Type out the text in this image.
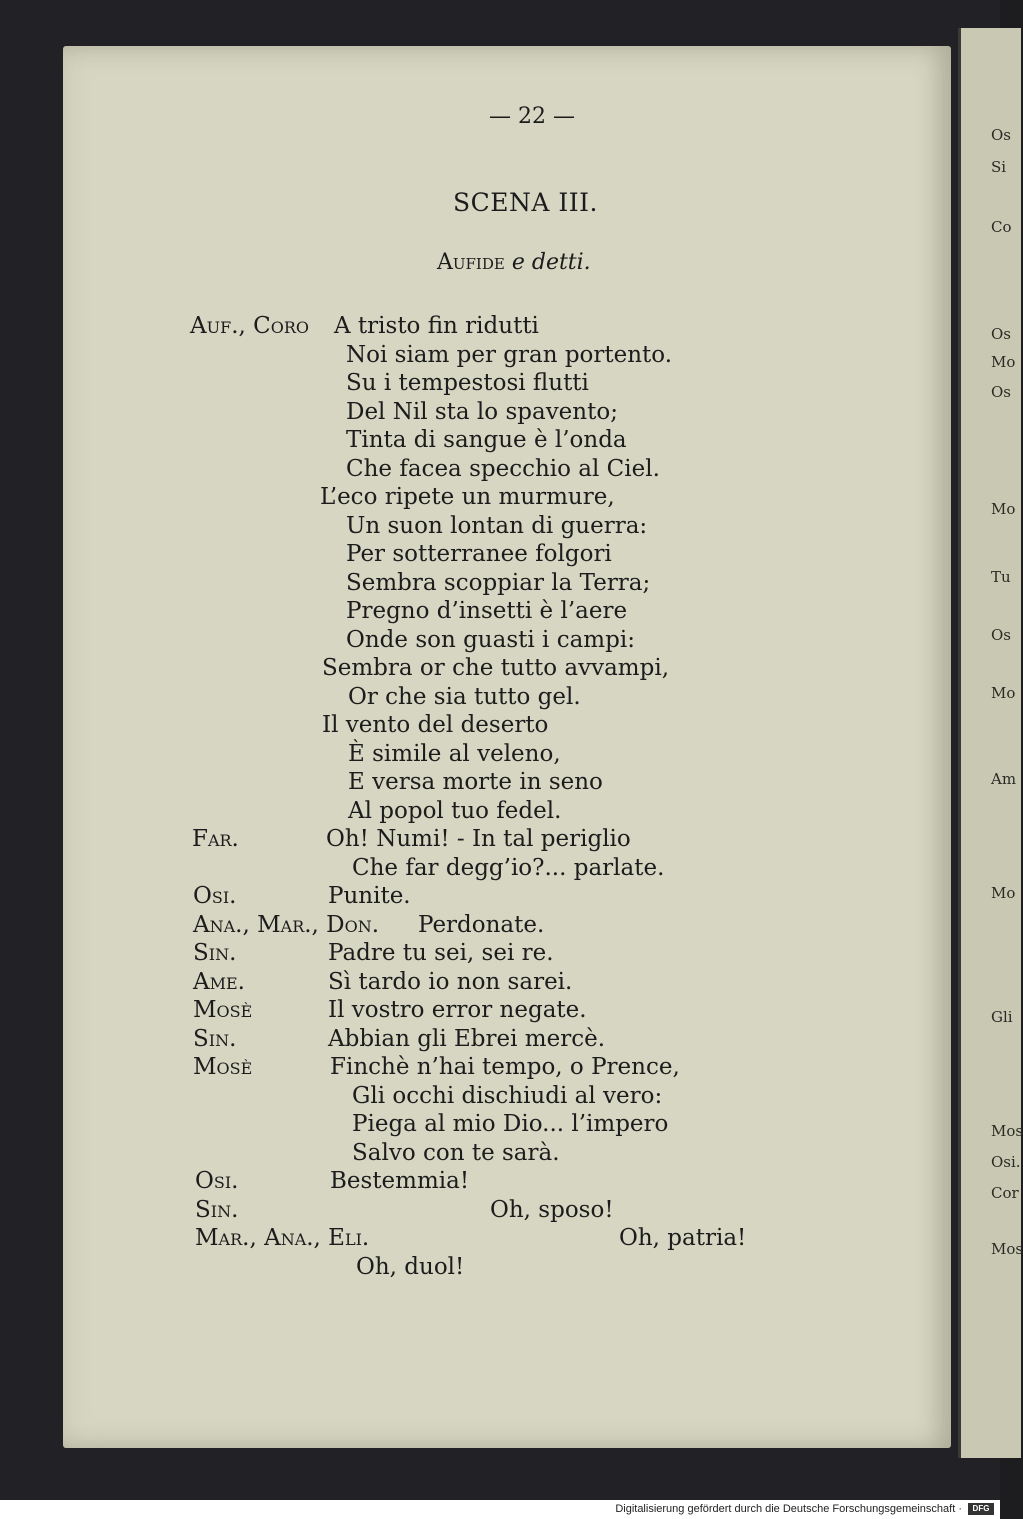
Os
Si
Co
Os
Mo
Os
Mo
Tu
Os
Mo
Am
Mo
Gli
Mos
Osi.
Cor
Mos
— 22 —
SCENA III.
Aufide e detti.
Auf., Coro A tristo fin ridutti
Noi siam per gran portento.
Su i tempestosi flutti
Del Nil sta lo spavento;
Tinta di sangue è l’onda
Che facea specchio al Ciel.
L’eco ripete un murmure,
Un suon lontan di guerra:
Per sotterranee folgori
Sembra scoppiar la Terra;
Pregno d’insetti è l’aere
Onde son guasti i campi:
Sembra or che tutto avvampi,
Or che sia tutto gel.
Il vento del deserto
È simile al veleno,
E versa morte in seno
Al popol tuo fedel.
Far.	Oh! Numi! - In tal periglio
Che far degg’io?... parlate.
Osi.	Punite.
Ana., Mar., Don. Perdonate.
Sin.	Padre tu sei, sei re.
Ame.	Sì tardo io non sarei.
Mosè	Il vostro error negate.
Sin.	Abbian gli Ebrei mercè.
Mosè	Finchè n’hai tempo, o Prence,
Gli occhi dischiudi al vero:
Piega al mio Dio... l’impero
Salvo con te sarà.
Osi.	Bestemmia!
Sin.	Oh, sposo!
Mar., Ana., Eli.	Oh, patria!
Oh, duol!
Digitalisierung gefördert durch die Deutsche Forschungsgemeinschaft ·	DFG
